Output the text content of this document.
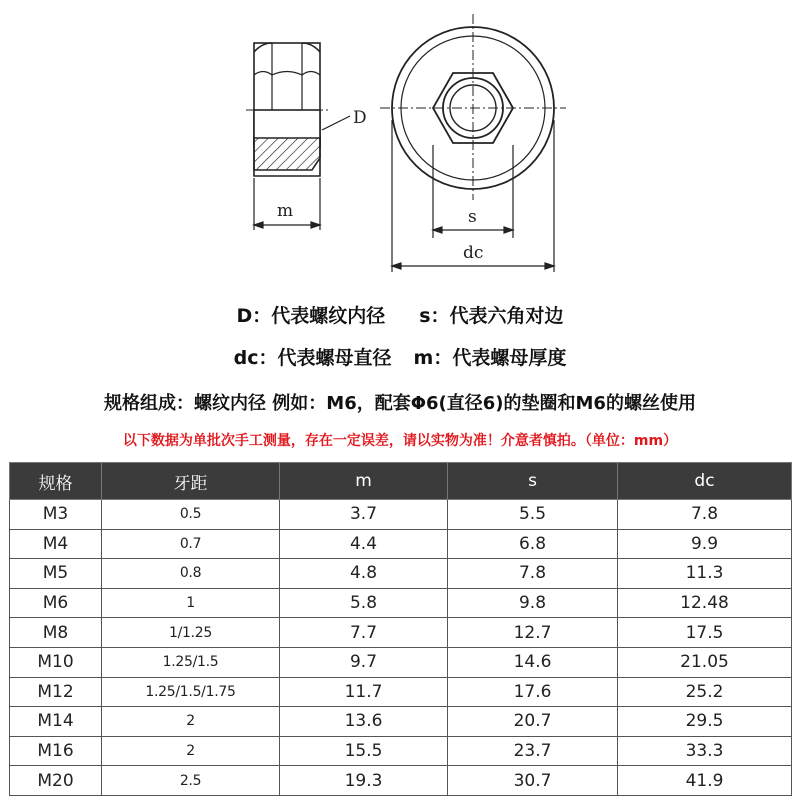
D
m	s
dc
D：代表螺纹内径 s：代表六角对边
dc：代表螺母直径 m：代表螺母厚度
规格组成：螺纹内径 例如：M6，配套Φ6(直径6)的垫圈和M6的螺丝使用
以下数据为单批次手工测量，存在一定误差，请以实物为准！介意者慎拍。（单位：mm）
规格	牙距	m	s	dc
M3	0.5	3.7	5.5	7.8
M4	0.7	4.4	6.8	9.9
M5	0.8	4.8	7.8	11.3
M6	1	5.8	9.8	12.48
M8	1/1.25	7.7	12.7	17.5
M10	1.25/1.5	9.7	14.6	21.05
M12	1.25/1.5/1.75	11.7	17.6	25.2
M14	2	13.6	20.7	29.5
M16	2	15.5	23.7	33.3
M20	2.5	19.3	30.7	41.9
